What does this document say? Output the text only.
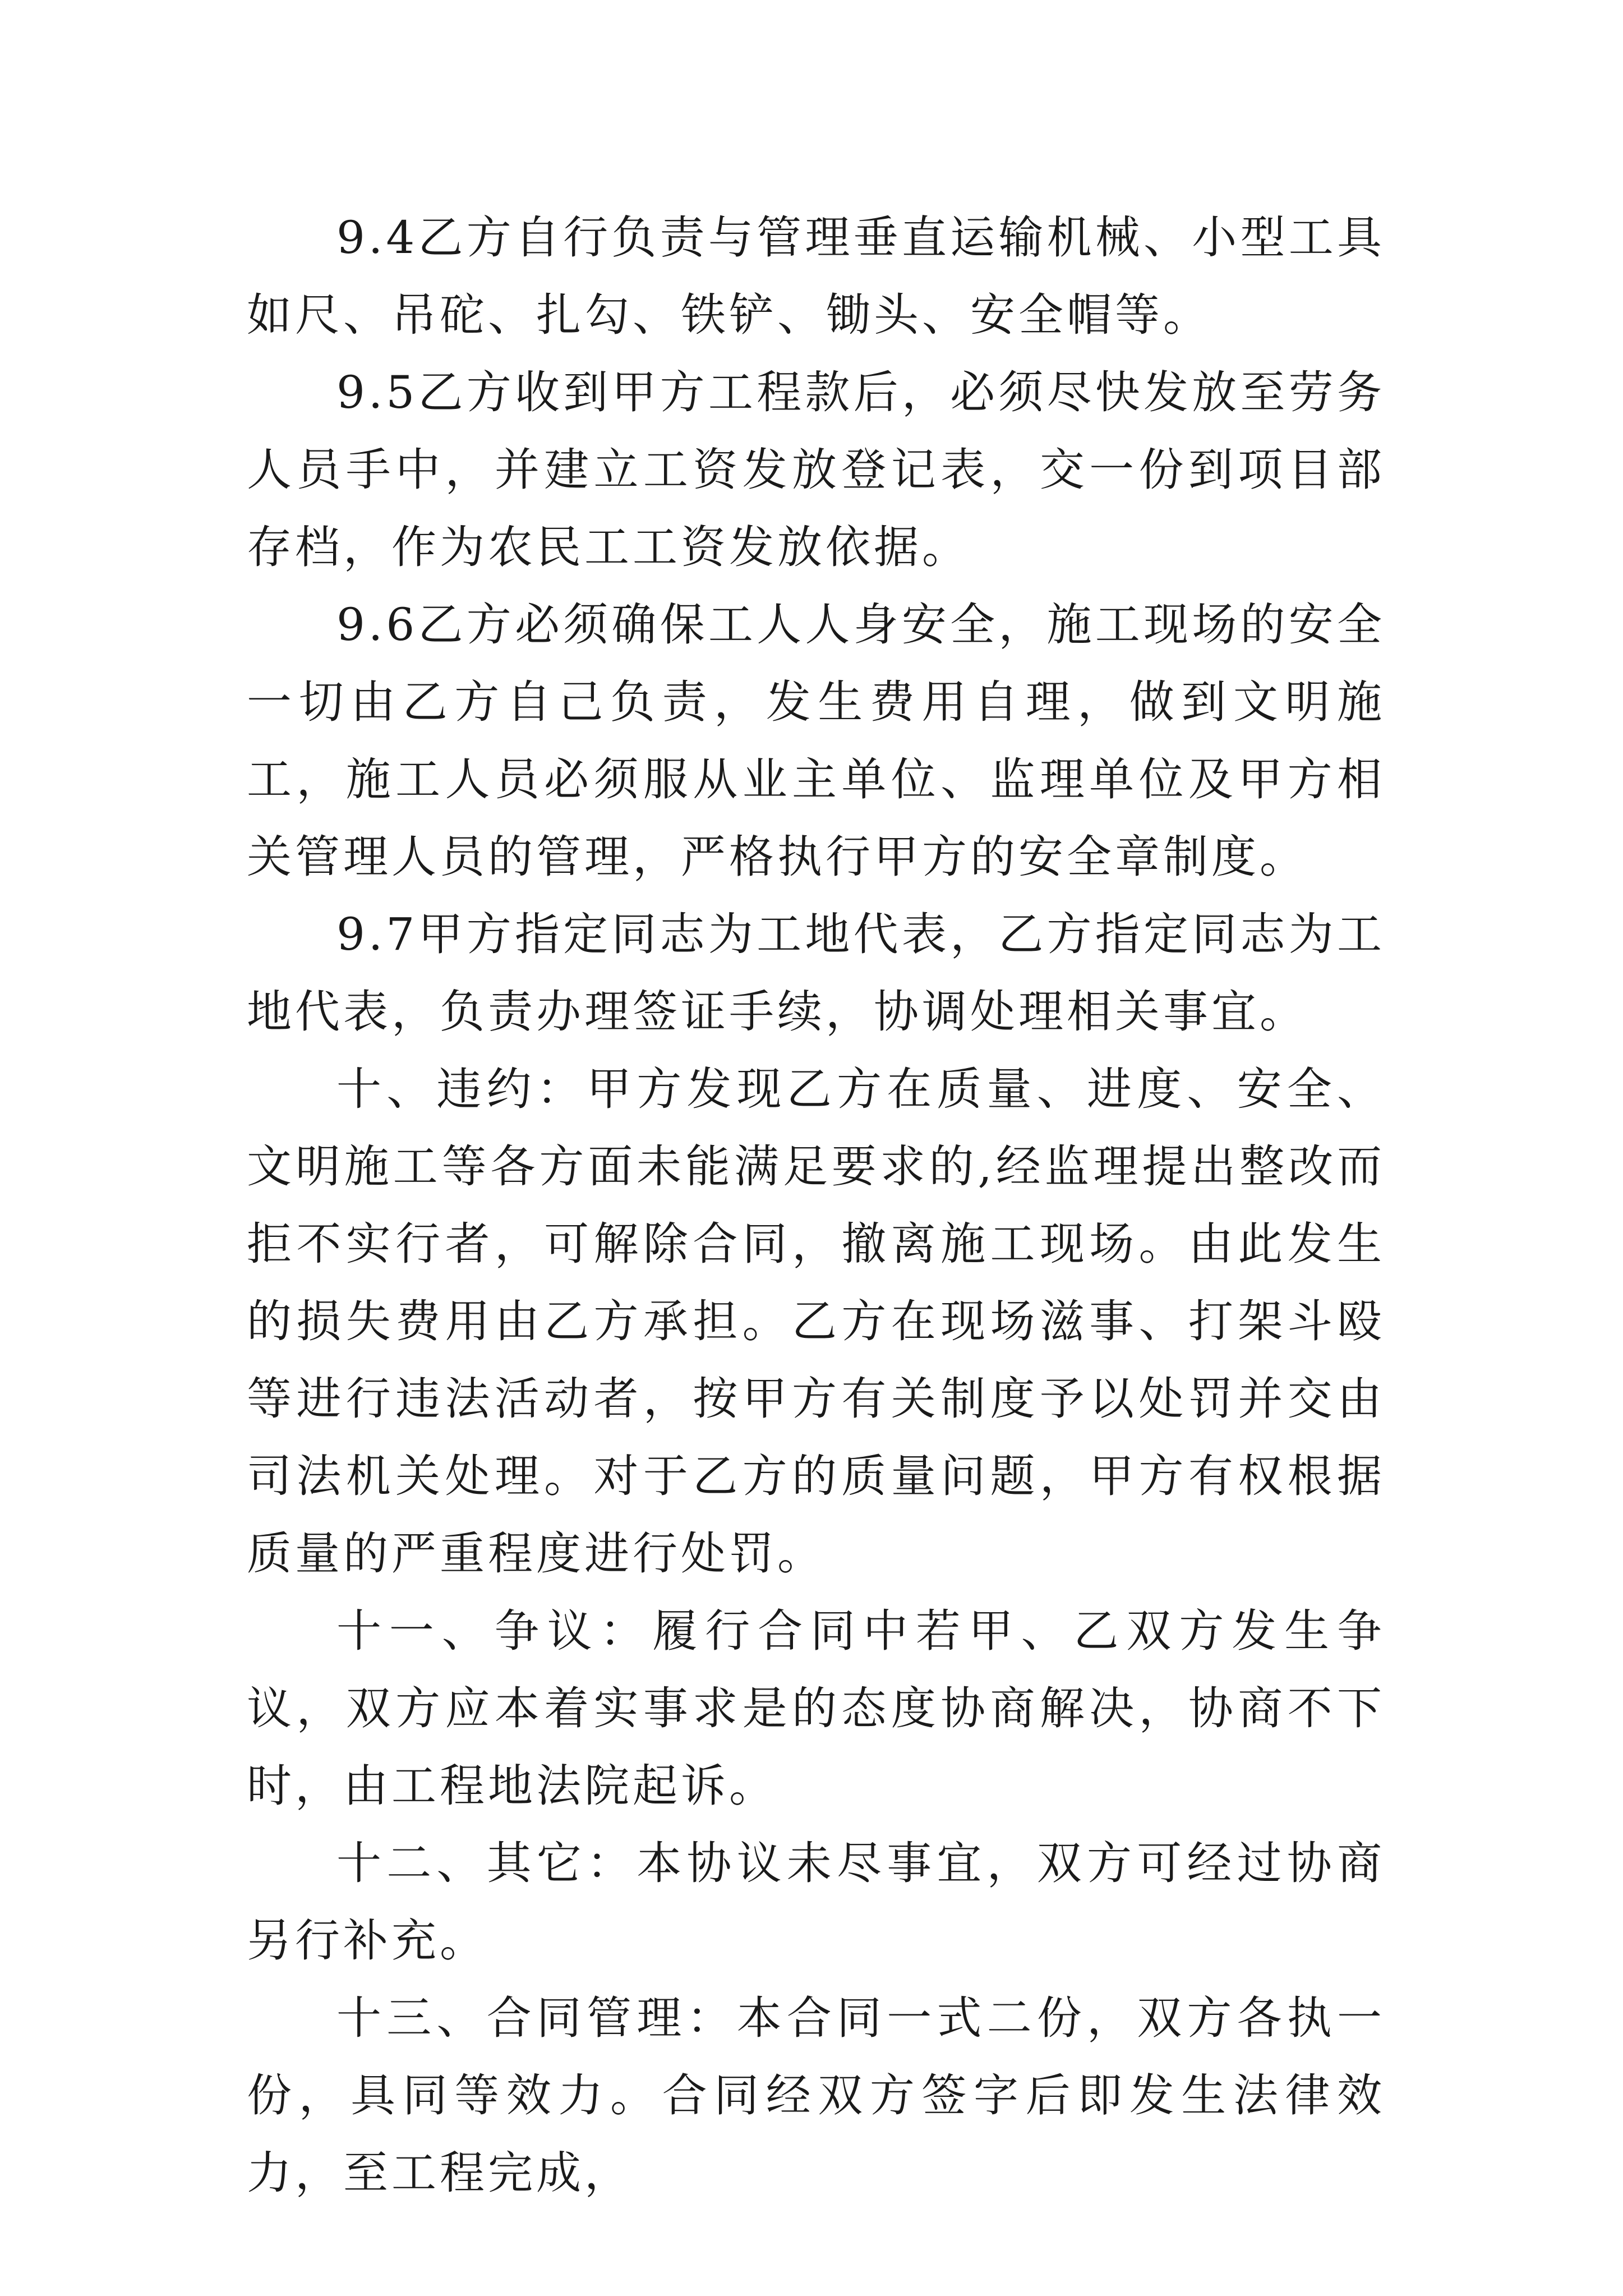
9.4乙方自行负责与管理垂直运输机械、小型工具如尺、吊砣、扎勾、铁铲、锄头、安全帽等。

9.5乙方收到甲方工程款后，必须尽快发放至劳务人员手中，并建立工资发放登记表，交一份到项目部存档，作为农民工工资发放依据。

9.6乙方必须确保工人人身安全，施工现场的安全一切由乙方自己负责，发生费用自理，做到文明施工，施工人员必须服从业主单位、监理单位及甲方相关管理人员的管理，严格执行甲方的安全章制度。

9.7甲方指定同志为工地代表，乙方指定同志为工地代表，负责办理签证手续，协调处理相关事宜。

十、违约：甲方发现乙方在质量、进度、安全、文明施工等各方面未能满足要求的,经监理提出整改而拒不实行者，可解除合同，撤离施工现场。由此发生的损失费用由乙方承担。乙方在现场滋事、打架斗殴等进行违法活动者，按甲方有关制度予以处罚并交由司法机关处理。对于乙方的质量问题，甲方有权根据质量的严重程度进行处罚。

十一、争议：履行合同中若甲、乙双方发生争议，双方应本着实事求是的态度协商解决，协商不下时，由工程地法院起诉。

十二、其它：本协议未尽事宜，双方可经过协商另行补充。

十三、合同管理：本合同一式二份，双方各执一份，具同等效力。合同经双方签字后即发生法律效力，至工程完成，
